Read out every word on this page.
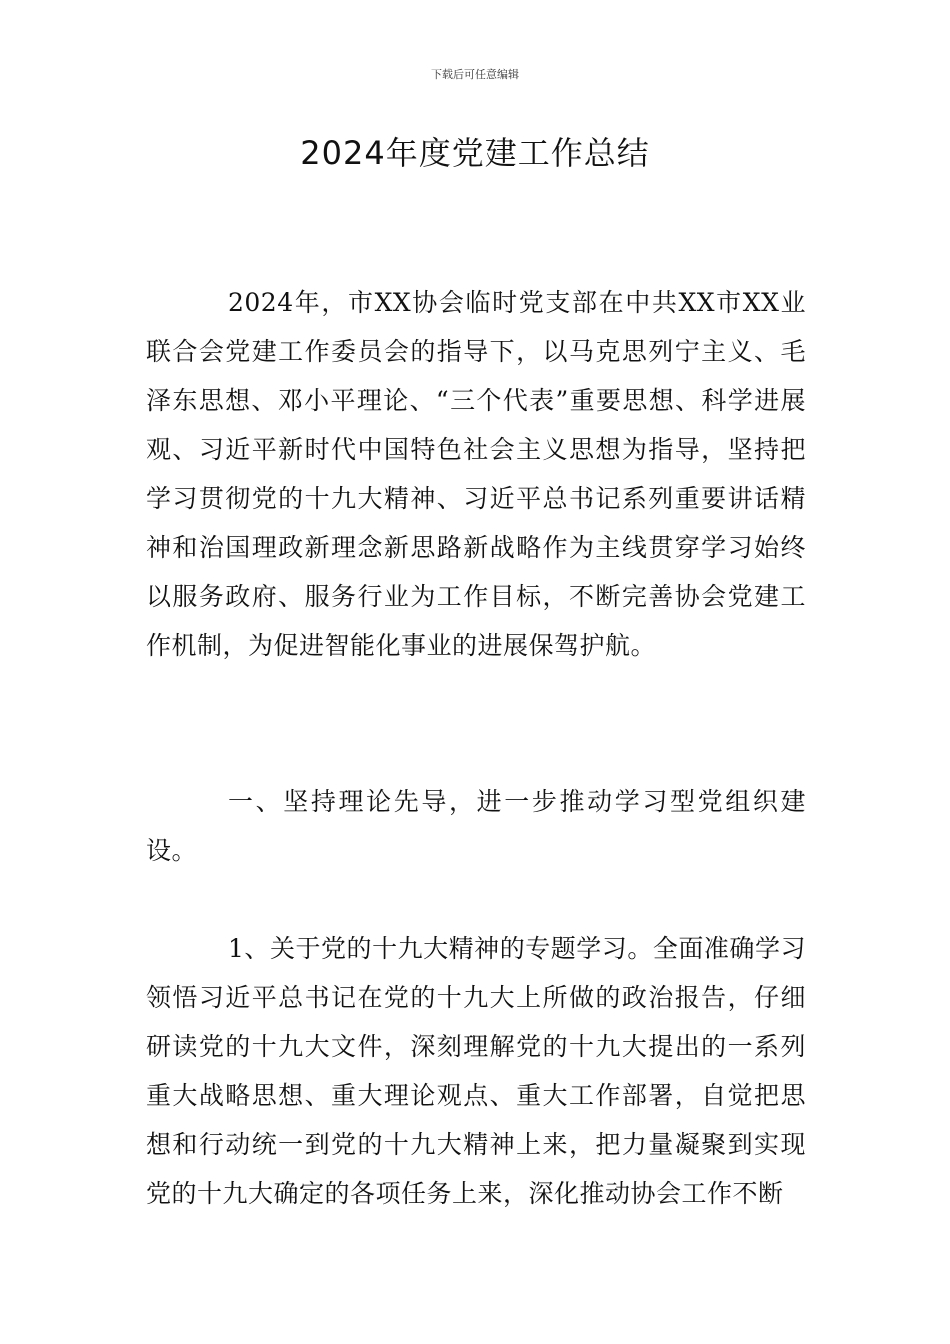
下载后可任意编辑
2024年度党建工作总结

2024年，市XX协会临时党支部在中共XX市XX业联合会党建工作委员会的指导下，以马克思列宁主义、毛泽东思想、邓小平理论、“三个代表”重要思想、科学进展观、习近平新时代中国特色社会主义思想为指导，坚持把学习贯彻党的十九大精神、习近平总书记系列重要讲话精神和治国理政新理念新思路新战略作为主线贯穿学习始终以服务政府、服务行业为工作目标，不断完善协会党建工作机制，为促进智能化事业的进展保驾护航。

一、坚持理论先导，进一步推动学习型党组织建设。

1、关于党的十九大精神的专题学习。全面准确学习领悟习近平总书记在党的十九大上所做的政治报告，仔细研读党的十九大文件，深刻理解党的十九大提出的一系列重大战略思想、重大理论观点、重大工作部署，自觉把思想和行动统一到党的十九大精神上来，把力量凝聚到实现党的十九大确定的各项任务上来，深化推动协会工作不断
